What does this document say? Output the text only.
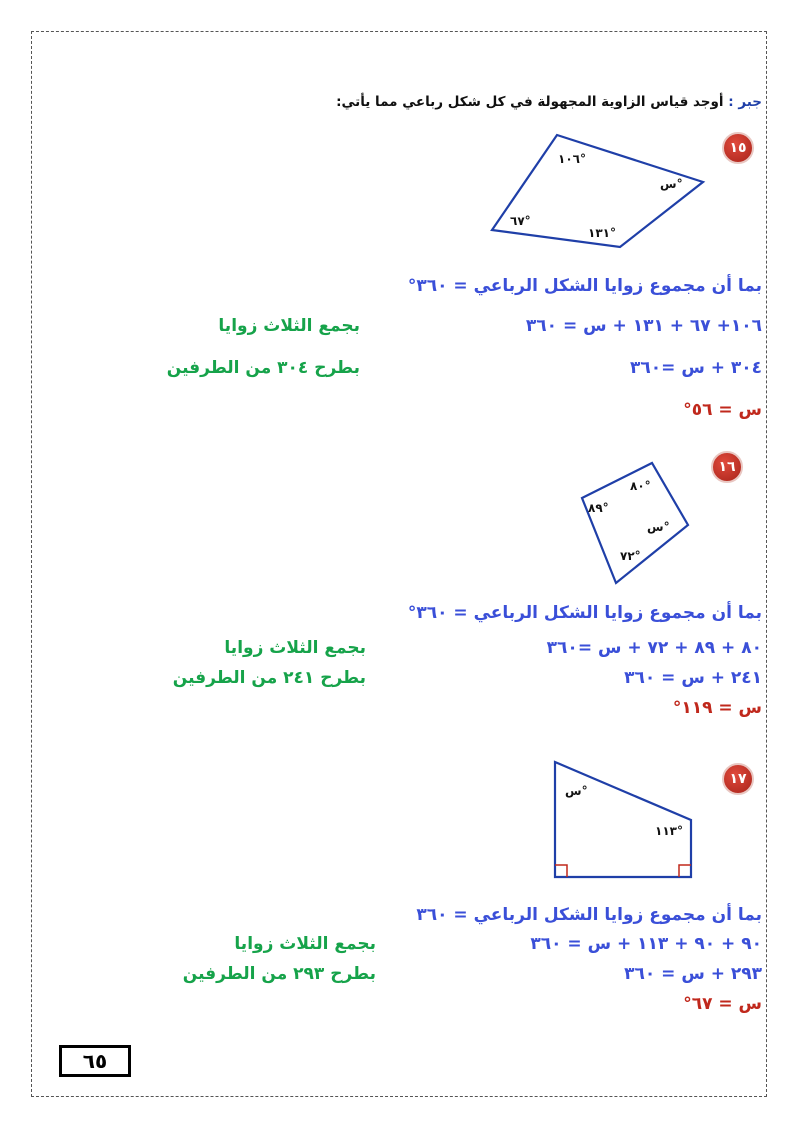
جبر : أوجد قياس الزاوية المجهولة في كل شكل رباعي مما يأتي:
١٥
١٠٦°
س°
٦٧°
١٣١°
بما أن مجموع زوايا الشكل الرباعي = ٣٦٠°
١٠٦+ ٦٧ + ١٣١ + س = ٣٦٠
بجمع الثلاث زوايا
٣٠٤ + س =٣٦٠
بطرح ٣٠٤ من الطرفين
س = ٥٦°
١٦
٨٠°
٨٩°
س°
٧٢°
بما أن مجموع زوايا الشكل الرباعي = ٣٦٠°
٨٠ + ٨٩ + ٧٢ + س =٣٦٠
بجمع الثلاث زوايا
٢٤١ + س = ٣٦٠
بطرح ٢٤١ من الطرفين
س = ١١٩°
١٧
س°
١١٣°
بما أن مجموع زوايا الشكل الرباعي = ٣٦٠
٩٠ + ٩٠ + ١١٣ + س = ٣٦٠
بجمع الثلاث زوايا
٢٩٣ + س = ٣٦٠
بطرح ٢٩٣ من الطرفين
س = ٦٧°
٦٥
